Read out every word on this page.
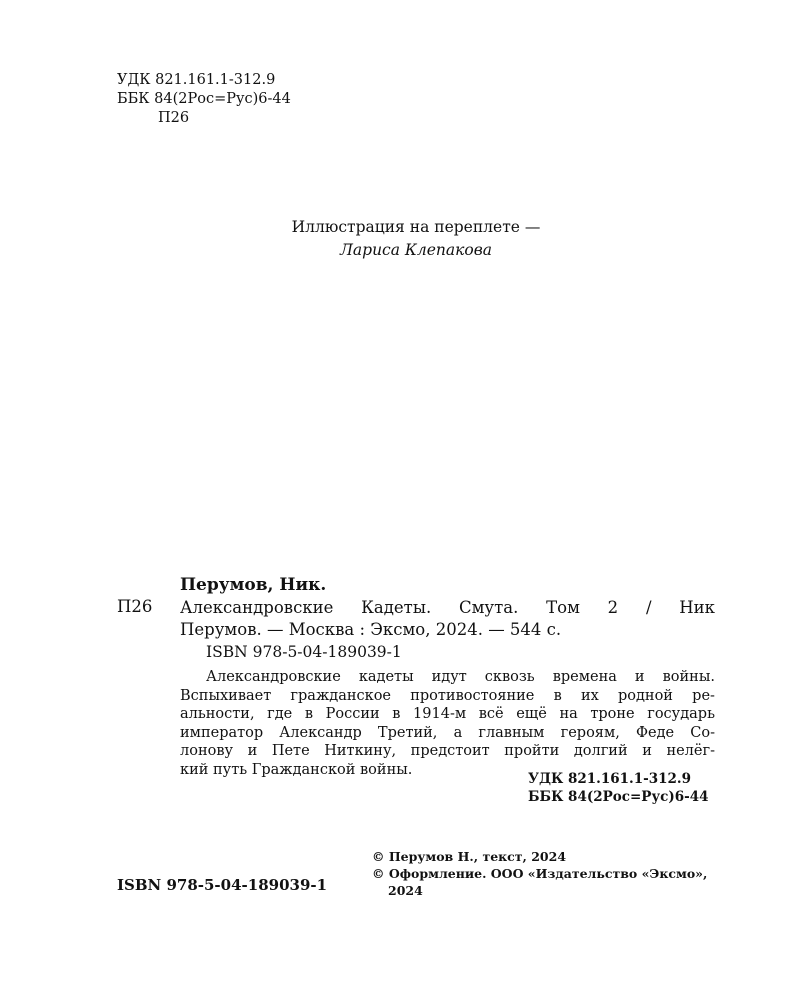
УДК 821.161.1-312.9
ББК 84(2Рос=Рус)6-44
П26
Иллюстрация на переплете —
Лариса Клепакова
Перумов, Ник.
П26 Александровские Кадеты. Смута. Том 2 / Ник
Перумов. — Москва : Эксмо, 2024. — 544 с.
ISBN 978-5-04-189039-1
Александровские кадеты идут сквозь времена и войны.
Вспыхивает гражданское противостояние в их родной ре-
альности, где в России в 1914-м всё ещё на троне государь
император Александр Третий, а главным героям, Феде Со-
лонову и Пете Ниткину, предстоит пройти долгий и нелёг-
кий путь Гражданской войны.
УДК 821.161.1-312.9
ББК 84(2Рос=Рус)6-44
ISBN 978-5-04-189039-1
© Перумов Н., текст, 2024
© Оформление. ООО «Издательство «Эксмо»,
2024
